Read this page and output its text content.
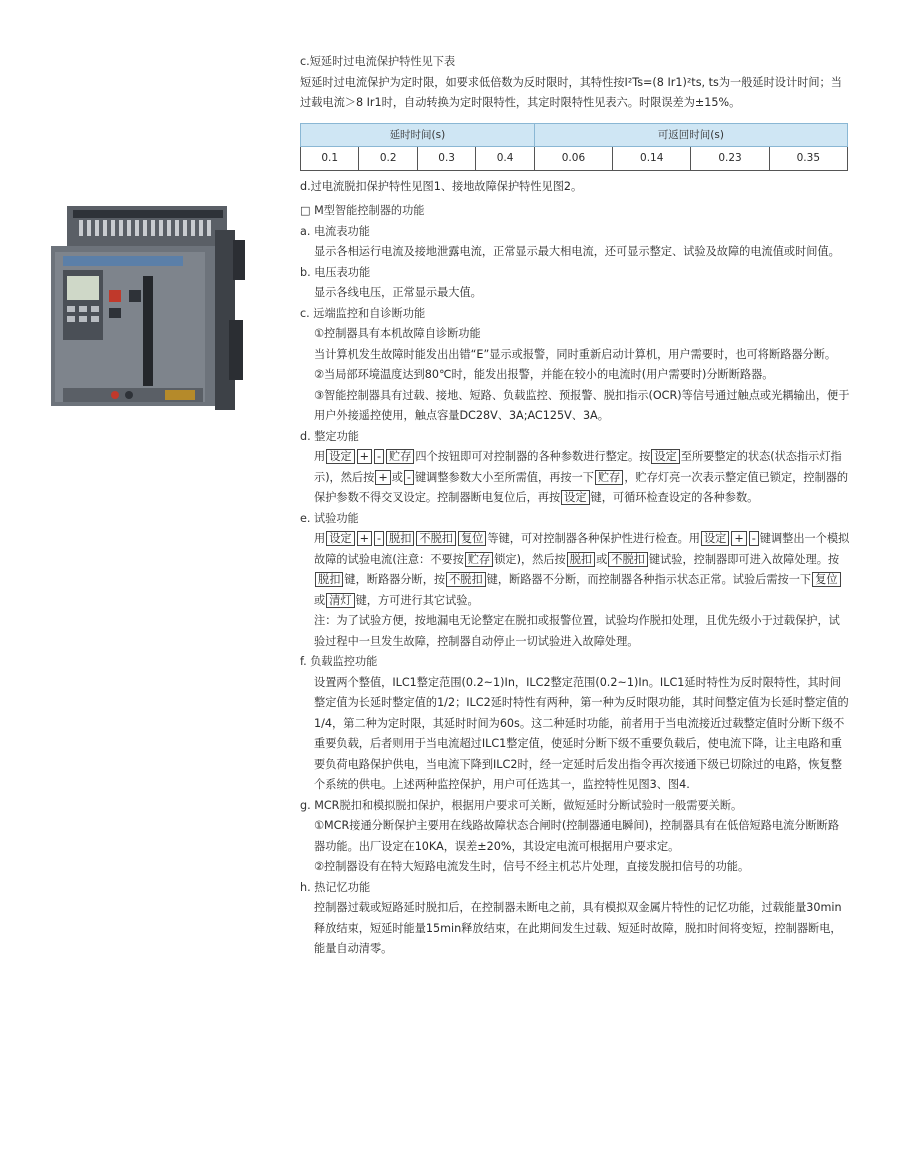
c.短延时过电流保护特性见下表

短延时过电流保护为定时限，如要求低倍数为反时限时，其特性按I²Ts=(8 Ir1)²ts, ts为一般延时设计时间；当过载电流＞8 Ir1时，自动转换为定时限特性，其定时限特性见表六。时限误差为±15%。

延时时间(s)				可返回时间(s)			
0.1	0.2	0.3	0.4	0.06	0.14	0.23	0.35

d.过电流脱扣保护特性见图1、接地故障保护特性见图2。

□ M型智能控制器的功能

a. 电流表功能

显示各相运行电流及接地泄露电流，正常显示最大相电流，还可显示整定、试验及故障的电流值或时间值。

b. 电压表功能

显示各线电压，正常显示最大值。

c. 远端监控和自诊断功能

①控制器具有本机故障自诊断功能

当计算机发生故障时能发出出错“E”显示或报警，同时重新启动计算机，用户需要时，也可将断路器分断。

②当局部环境温度达到80℃时，能发出报警，并能在较小的电流时(用户需要时)分断断路器。

③智能控制器具有过载、接地、短路、负载监控、预报警、脱扣指示(OCR)等信号通过触点或光耦输出，便于用户外接遥控使用，触点容量DC28V、3A;AC125V、3A。

d. 整定功能

用 设定 + - 贮存 四个按钮即可对控制器的各种参数进行整定。按 设定 至所要整定的状态(状态指示灯指示)，然后按 + 或 - 键调整参数大小至所需值，再按一下 贮存 ，贮存灯亮一次表示整定值已锁定，控制器的保护参数不得交叉设定。控制器断电复位后，再按 设定 键，可循环检查设定的各种参数。

e. 试验功能

用 设定 + - 脱扣 不脱扣 复位 等键，可对控制器各种保护性进行检查。用 设定 + - 键调整出一个模拟故障的试验电流(注意：不要按 贮存 锁定)，然后按 脱扣 或 不脱扣 键试验，控制器即可进入故障处理。按脱扣 键，断路器分断，按 不脱扣 键，断路器不分断，而控制器各种指示状态正常。试验后需按一下 复位或 清灯 键，方可进行其它试验。

注：为了试验方便，按地漏电无论整定在脱扣或报警位置，试验均作脱扣处理，且优先级小于过载保护，试验过程中一旦发生故障，控制器自动停止一切试验进入故障处理。

f. 负载监控功能

设置两个整值，ILC1整定范围(0.2~1)In，ILC2整定范围(0.2~1)In。ILC1延时特性为反时限特性，其时间整定值为长延时整定值的1/2；ILC2延时特性有两种，第一种为反时限功能，其时间整定值为长延时整定值的1/4，第二种为定时限，其延时时间为60s。这二种延时功能，前者用于当电流接近过载整定值时分断下级不重要负载，后者则用于当电流超过ILC1整定值，使延时分断下级不重要负载后，使电流下降，让主电路和重要负荷电路保护供电，当电流下降到ILC2时，经一定延时后发出指令再次接通下级已切除过的电路，恢复整个系统的供电。上述两种监控保护，用户可任选其一，监控特性见图3、图4.

g. MCR脱扣和模拟脱扣保护，根据用户要求可关断，做短延时分断试验时一般需要关断。

①MCR接通分断保护主要用在线路故障状态合闸时(控制器通电瞬间)，控制器具有在低倍短路电流分断断路器功能。出厂设定在10KA，误差±20%，其设定电流可根据用户要求定。

②控制器设有在特大短路电流发生时，信号不经主机芯片处理，直接发脱扣信号的功能。

h. 热记忆功能

控制器过载或短路延时脱扣后，在控制器未断电之前，具有模拟双金属片特性的记忆功能，过载能量30min释放结束，短延时能量15min释放结束，在此期间发生过载、短延时故障，脱扣时间将变短，控制器断电，能量自动清零。
